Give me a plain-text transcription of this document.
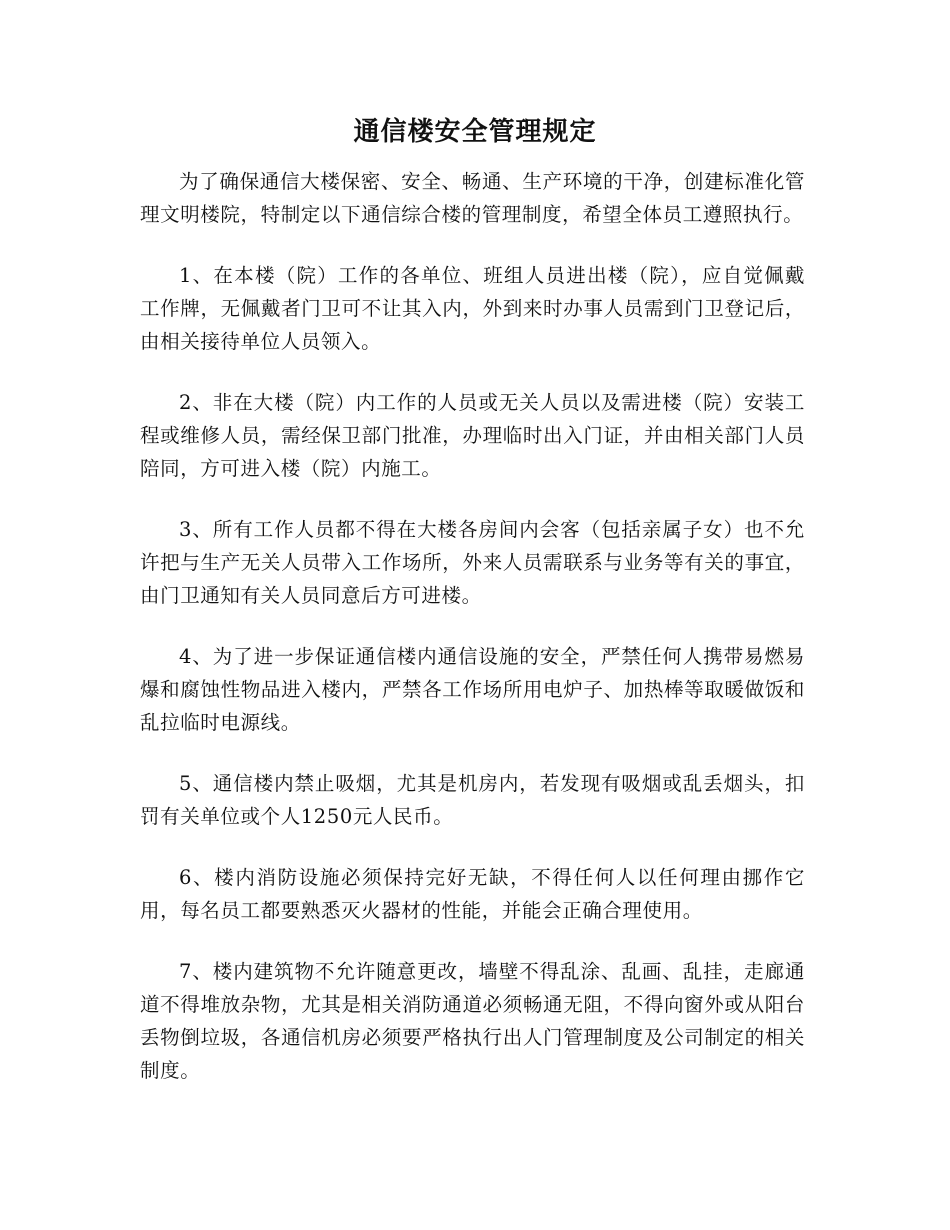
通信楼安全管理规定

为了确保通信大楼保密、安全、畅通、生产环境的干净，创建标准化管理文明楼院，特制定以下通信综合楼的管理制度，希望全体员工遵照执行。

1、在本楼（院）工作的各单位、班组人员进出楼（院），应自觉佩戴工作牌，无佩戴者门卫可不让其入内，外到来时办事人员需到门卫登记后，由相关接待单位人员领入。

2、非在大楼（院）内工作的人员或无关人员以及需进楼（院）安装工程或维修人员，需经保卫部门批准，办理临时出入门证，并由相关部门人员陪同，方可进入楼（院）内施工。

3、所有工作人员都不得在大楼各房间内会客（包括亲属子女）也不允许把与生产无关人员带入工作场所，外来人员需联系与业务等有关的事宜，由门卫通知有关人员同意后方可进楼。

4、为了进一步保证通信楼内通信设施的安全，严禁任何人携带易燃易爆和腐蚀性物品进入楼内，严禁各工作场所用电炉子、加热棒等取暖做饭和乱拉临时电源线。

5、通信楼内禁止吸烟，尤其是机房内，若发现有吸烟或乱丢烟头，扣罚有关单位或个人1250元人民币。

6、楼内消防设施必须保持完好无缺，不得任何人以任何理由挪作它用，每名员工都要熟悉灭火器材的性能，并能会正确合理使用。

7、楼内建筑物不允许随意更改，墙壁不得乱涂、乱画、乱挂，走廊通道不得堆放杂物，尤其是相关消防通道必须畅通无阻，不得向窗外或从阳台丢物倒垃圾，各通信机房必须要严格执行出人门管理制度及公司制定的相关制度。
